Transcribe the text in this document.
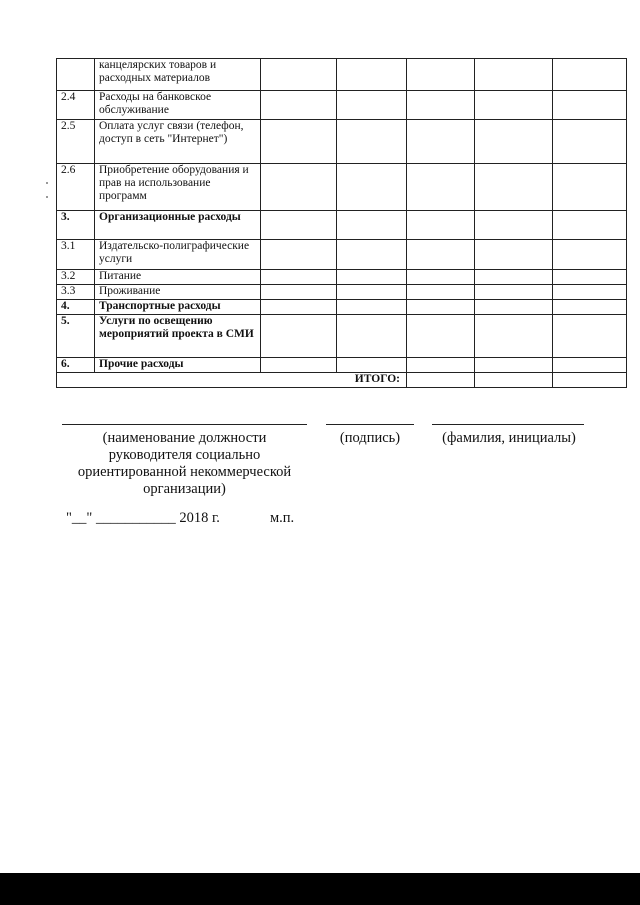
	канцелярских товаров и расходных материалов					
2.4	Расходы на банковское обслуживание					
2.5	Оплата услуг связи (телефон, доступ в сеть "Интернет")					
2.6	Приобретение оборудования и прав на использование программ					
3.	Организационные расходы					
3.1	Издательско-полиграфические услуги					
3.2	Питание					
3.3	Проживание					
4.	Транспортные расходы					
5.	Услуги по освещению мероприятий проекта в СМИ					
6.	Прочие расходы					
			ИТОГО:			
(наименование должности руководителя социально ориентированной некоммерческой организации)
(подпись)	(фамилия, инициалы)
"__" ___________ 2018 г.	м.п.
